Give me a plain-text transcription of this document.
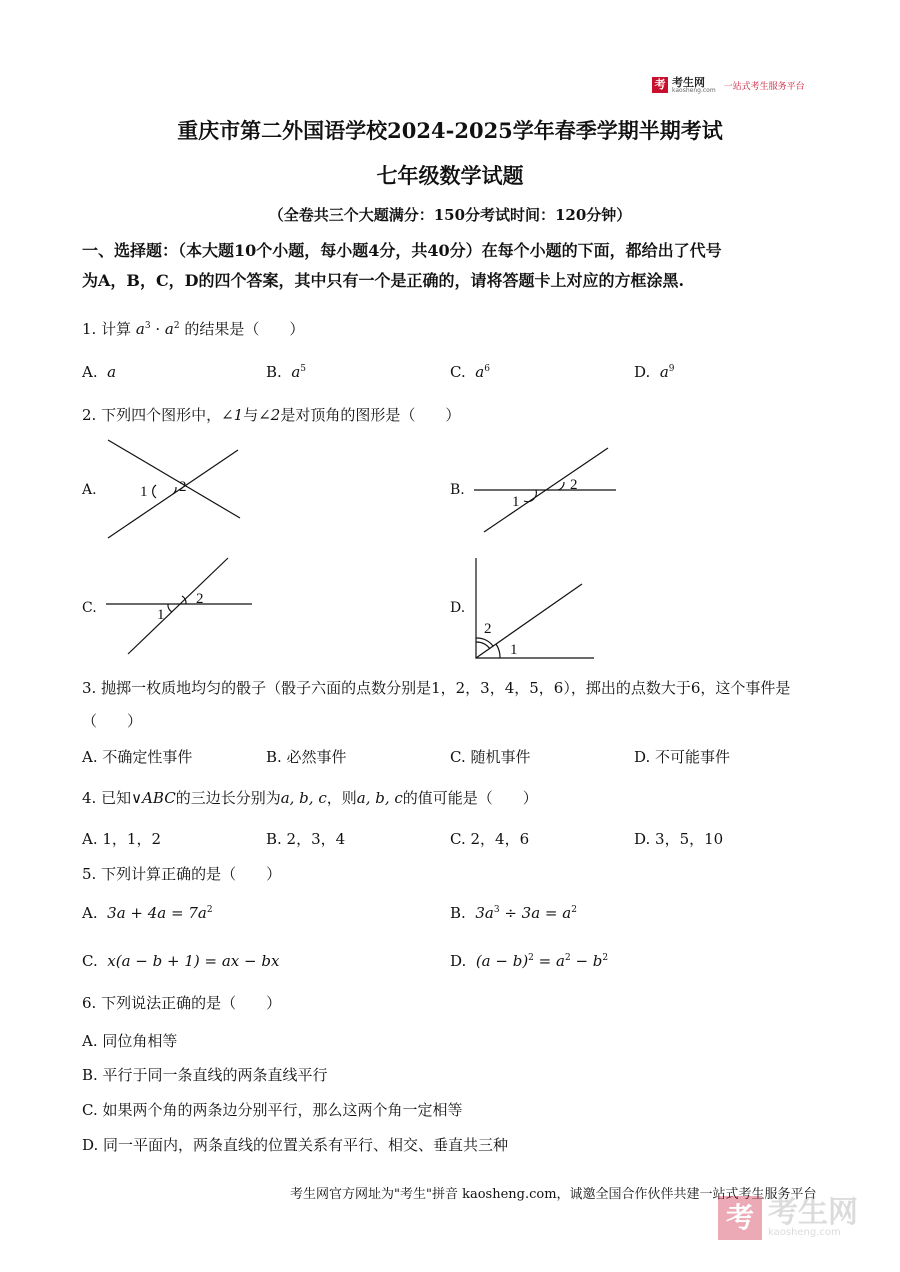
考 考生网
kaosheng.com 一站式考生服务平台
重庆市第二外国语学校2024-2025学年春季学期半期考试
七年级数学试题
（全卷共三个大题满分：150分考试时间：120分钟）
一、选择题：（本大题10个小题，每小题4分，共40分）在每个小题的下面，都给出了代号
为A，B，C，D的四个答案，其中只有一个是正确的，请将答题卡上对应的方框涂黑.
1. 计算 $a^3 \cdot a^2$ 的结果是（　　）
A. a	B. $a^5$	C. $a^6$	D. $a^9$
2. 下列四个图形中，∠1与∠2是对顶角的图形是（　　）
A.	1 2	B.
1
2
C.	1
2
D.
2
1
3. 抛掷一枚质地均匀的骰子（骰子六面的点数分别是1，2，3，4，5，6），掷出的点数大于6，这个事件是
（　　）
A. 不确定性事件	B. 必然事件	C. 随机事件	D. 不可能事件
4. 已知∨ABC的三边长分别为a, b, c，则a, b, c的值可能是（　　）
A. 1，1，2	B. 2，3，4	C. 2，4，6	D. 3，5，10
5. 下列计算正确的是（　　）
A. $3a + 4a = 7a^2$	B. $3a^3 \div 3a = a^2$
C. x(a − b + 1) = ax − bx	D. $(a - b)^2 = a^2 - b^2$
6. 下列说法正确的是（　　）
A. 同位角相等
B. 平行于同一条直线的两条直线平行
C. 如果两个角的两条边分别平行，那么这两个角一定相等
D. 同一平面内，两条直线的位置关系有平行、相交、垂直共三种
考生网官方网址为"考生"拼音 kaosheng.com，诚邀全国合作伙伴共建一站式考生服务平台
考 考生网
kaosheng.com
